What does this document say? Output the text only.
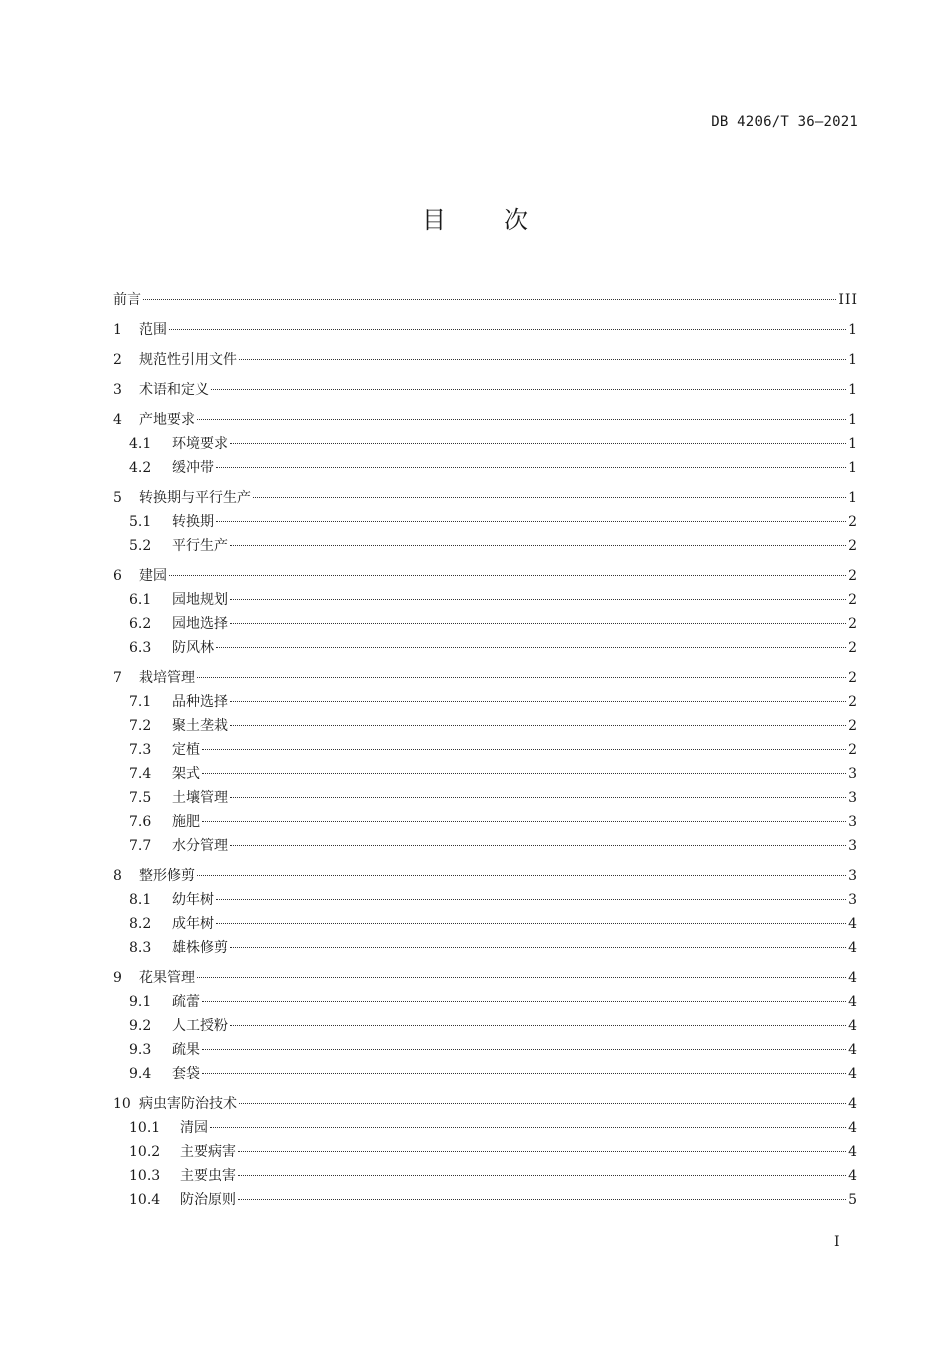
DB 4206/T 36—2021
目 次
前言	III
1	范围	1
2	规范性引用文件	1
3	术语和定义	1
4	产地要求	1
4.1	环境要求	1
4.2	缓冲带	1
5	转换期与平行生产	1
5.1	转换期	2
5.2	平行生产	2
6	建园	2
6.1	园地规划	2
6.2	园地选择	2
6.3	防风林	2
7	栽培管理	2
7.1	品种选择	2
7.2	聚土垄栽	2
7.3	定植	2
7.4	架式	3
7.5	土壤管理	3
7.6	施肥	3
7.7	水分管理	3
8	整形修剪	3
8.1	幼年树	3
8.2	成年树	4
8.3	雄株修剪	4
9	花果管理	4
9.1	疏蕾	4
9.2	人工授粉	4
9.3	疏果	4
9.4	套袋	4
10 病虫害防治技术	4
10.1	清园	4
10.2	主要病害	4
10.3	主要虫害	4
10.4	防治原则	5
I
